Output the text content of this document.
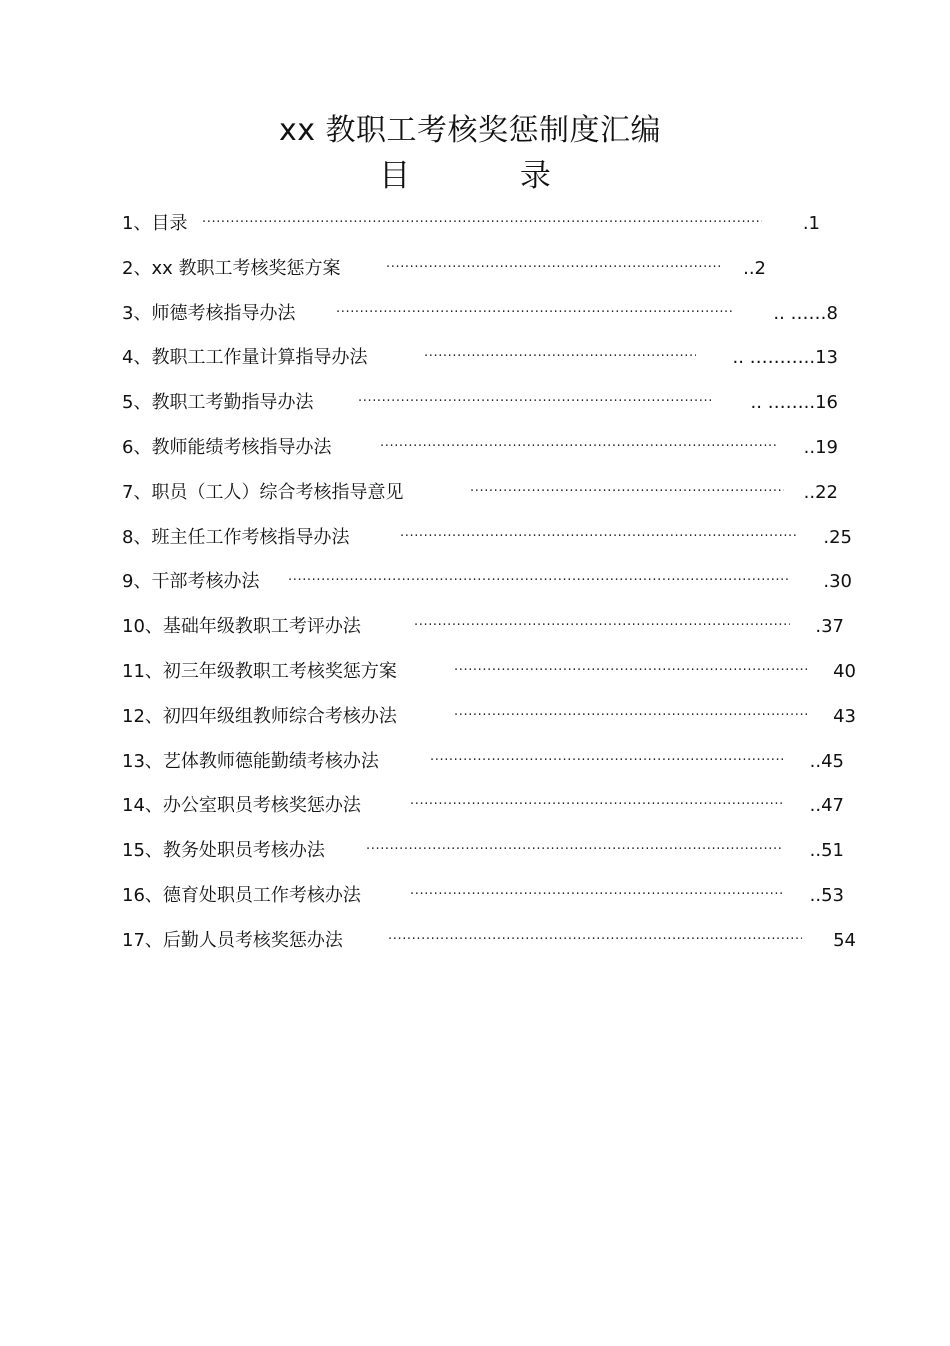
xx 教职工考核奖惩制度汇编
目 录
1、目录 ·····	.1
2、xx 教职工考核奖惩方案 ·····	..2
3、师德考核指导办法 ·····	.. ……8
4、教职工工作量计算指导办法 ·····	.. ………..13
5、教职工考勤指导办法 ·····	.. ……..16
6、教师能绩考核指导办法 ·····	..19
7、职员（工人）综合考核指导意见 ·····	..22
8、班主任工作考核指导办法 ·····	.25
9、干部考核办法 ·····	.30
10、基础年级教职工考评办法 ·····	.37
11、初三年级教职工考核奖惩方案 ·····	40
12、初四年级组教师综合考核办法 ·····	43
13、艺体教师德能勤绩考核办法 ·····	..45
14、办公室职员考核奖惩办法 ·····	..47
15、教务处职员考核办法 ·····	..51
16、德育处职员工作考核办法 ·····	..53
17、后勤人员考核奖惩办法 ·····	54
